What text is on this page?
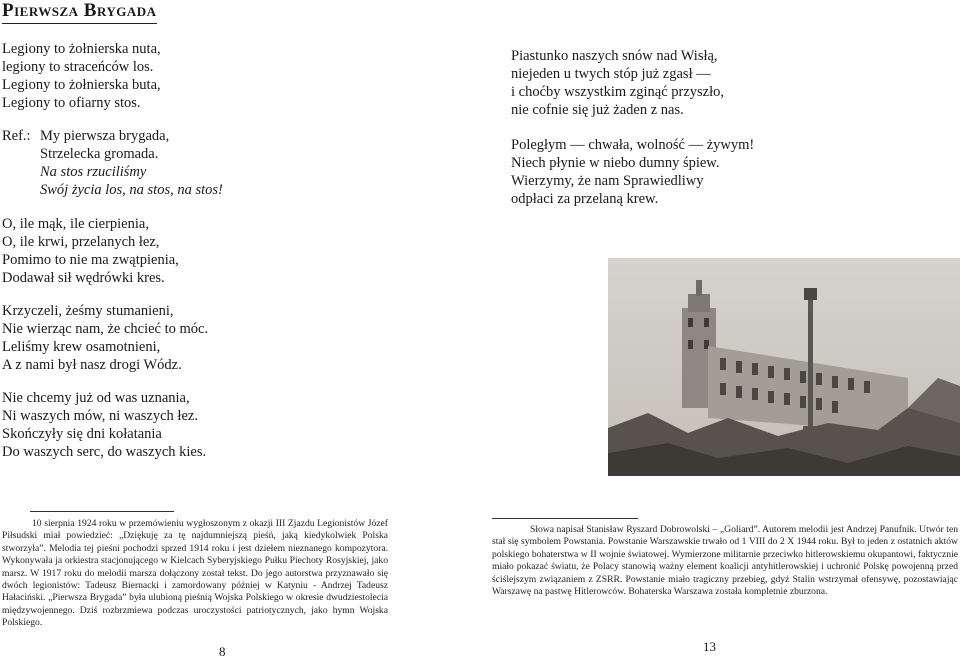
Pierwsza Brygada
Legiony to żołnierska nuta,
legiony to straceńców los.
Legiony to żołnierska buta,
Legiony to ofiarny stos.
Ref.: My pierwsza brygada,
Strzelecka gromada.
Na stos rzuciliśmy
Swój życia los, na stos, na stos!
O, ile mąk, ile cierpienia,
O, ile krwi, przelanych łez,
Pomimo to nie ma zwątpienia,
Dodawał sił wędrówki kres.
Krzyczeli, żeśmy stumanieni,
Nie wierząc nam, że chcieć to móc.
Leliśmy krew osamotnieni,
A z nami był nasz drogi Wódz.
Nie chcemy już od was uznania,
Ni waszych mów, ni waszych łez.
Skończyły się dni kołatania
Do waszych serc, do waszych kies.
Piastunko naszych snów nad Wisłą,
niejeden u twych stóp już zgasł —
i choćby wszystkim zginąć przyszło,
nie cofnie się już żaden z nas.
Poległym — chwała, wolność — żywym!
Niech płynie w niebo dumny śpiew.
Wierzymy, że nam Sprawiedliwy
odpłaci za przelaną krew.

10 sierpnia 1924 roku w przemówieniu wygłoszonym z okazji III Zjazdu Legionistów Józef Piłsudski miał powiedzieć: „Dziękuję za tę najdumniejszą pieśń, jaką kiedykolwiek Polska stworzyła”. Melodia tej pieśni pochodzi sprzed 1914 roku i jest dziełem nieznanego kompozytora. Wykonywała ja orkiestra stacjonującego w Kielcach Syberyjskiego Pułku Piechoty Rosyjskiej, jako marsz. W 1917 roku do melodii marsza dołączony został tekst. Do jego autorstwa przyznawało się dwóch legionistów: Tadeusz Biernacki i zamordowany później w Katyniu - Andrzej Tadeusz Hałaciński. „Pierwsza Brygada” była ulubioną pieśnią Wojska Polskiego w okresie dwudziestolecia międzywojennego. Dziś rozbrzmiewa podczas uroczystości patriotycznych, jako hymn Wojska Polskiego.

Słowa napisał Stanisław Ryszard Dobrowolski – „Goliard”. Autorem melodii jest Andrzej Panufnik. Utwór ten stał się symbolem Powstania. Powstanie Warszawskie trwało od 1 VIII do 2 X 1944 roku. Był to jeden z ostatnich aktów polskiego bohaterstwa w II wojnie światowej. Wymierzone militarnie przeciwko hitlerowskiemu okupantowi, faktycznie miało pokazać światu, że Polacy stanowią ważny element koalicji antyhitlerowskiej i uchronić Polskę powojenną przed ściślejszym związaniem z ZSRR. Powstanie miało tragiczny przebieg, gdyż Stalin wstrzymał ofensywę, pozostawiając Warszawę na pastwę Hitlerowców. Bohaterska Warszawa została kompletnie zburzona.

8	13
